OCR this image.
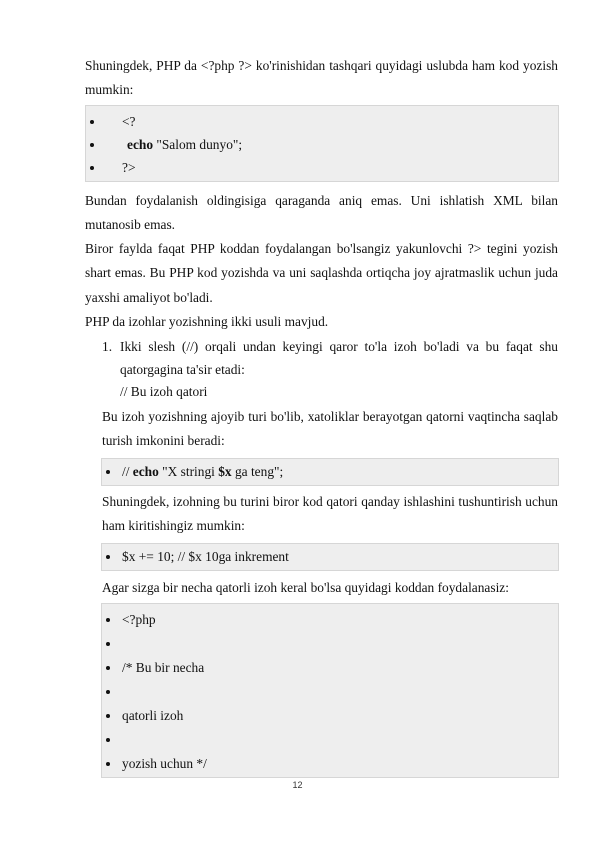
Shuningdek, PHP da <?php ?> ko'rinishidan tashqari quyidagi uslubda ham kod yozish mumkin:
<?
echo "Salom dunyo";
?>
Bundan foydalanish oldingisiga qaraganda aniq emas. Uni ishlatish XML bilan mutanosib emas.
Biror faylda faqat PHP koddan foydalangan bo'lsangiz yakunlovchi ?> tegini yozish shart emas. Bu PHP kod yozishda va uni saqlashda ortiqcha joy ajratmaslik uchun juda yaxshi amaliyot bo'ladi.
PHP da izohlar yozishning ikki usuli mavjud.
1. Ikki slesh (//) orqali undan keyingi qaror to'la izoh bo'ladi va bu faqat shu qatorgagina ta'sir etadi:
// Bu izoh qatori
Bu izoh yozishning ajoyib turi bo'lib, xatoliklar berayotgan qatorni vaqtincha saqlab turish imkonini beradi:
// echo "X stringi $x ga teng";
Shuningdek, izohning bu turini biror kod qatori qanday ishlashini tushuntirish uchun ham kiritishingiz mumkin:
$x += 10; // $x 10ga inkrement
Agar sizga bir necha qatorli izoh keral bo'lsa quyidagi koddan foydalanasiz:
<?php
/* Bu bir necha
qatorli izoh
yozish uchun */
12
